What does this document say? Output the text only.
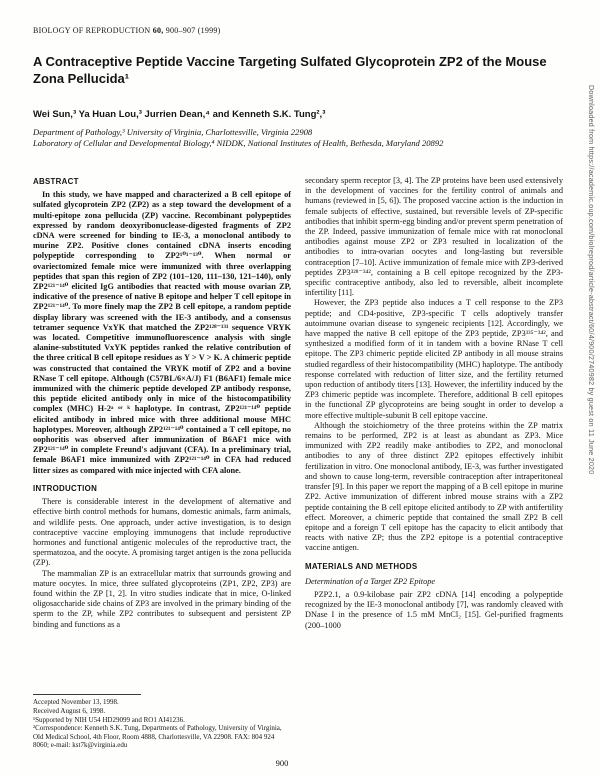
BIOLOGY OF REPRODUCTION 60, 900–907 (1999)
A Contraceptive Peptide Vaccine Targeting Sulfated Glycoprotein ZP2 of the Mouse Zona Pellucida¹
Wei Sun,³ Ya Huan Lou,³ Jurrien Dean,⁴ and Kenneth S.K. Tung²,³
Department of Pathology,³ University of Virginia, Charlottesville, Virginia 22908
Laboratory of Cellular and Developmental Biology,⁴ NIDDK, National Institutes of Health, Bethesda, Maryland 20892
ABSTRACT

In this study, we have mapped and characterized a B cell epitope of sulfated glycoprotein ZP2 (ZP2) as a step toward the development of a multi-epitope zona pellucida (ZP) vaccine. Recombinant polypeptides expressed by random deoxyribonuclease-digested fragments of ZP2 cDNA were screened for binding to IE-3, a monoclonal antibody to murine ZP2. Positive clones contained cDNA inserts encoding polypeptide corresponding to ZP2¹⁰¹⁻¹³⁰. When normal or ovariectomized female mice were immunized with three overlapping peptides that span this region of ZP2 (101–120, 111–130, 121–140), only ZP2¹²¹⁻¹⁴⁰ elicited IgG antibodies that reacted with mouse ovarian ZP, indicative of the presence of native B epitope and helper T cell epitope in ZP2¹²¹⁻¹⁴⁰. To more finely map the ZP2 B cell epitope, a random peptide display library was screened with the IE-3 antibody, and a consensus tetramer sequence VxYK that matched the ZP2¹²⁸⁻¹³¹ sequence VRYK was located. Competitive immunofluorescence analysis with single alanine-substituted VxYK peptides ranked the relative contribution of the three critical B cell epitope residues as Y > V > K. A chimeric peptide was constructed that contained the VRYK motif of ZP2 and a bovine RNase T cell epitope. Although (C57BL/6×A/J) F1 (B6AF1) female mice immunized with the chimeric peptide developed ZP antibody response, this peptide elicited antibody only in mice of the histocompatibility complex (MHC) H-2ᵃ ᵒʳ ᵏ haplotype. In contrast, ZP2¹²¹⁻¹⁴⁰ peptide elicited antibody in inbred mice with three additional mouse MHC haplotypes. Moreover, although ZP2¹²¹⁻¹⁴⁰ contained a T cell epitope, no oophoritis was observed after immunization of B6AF1 mice with ZP2¹²¹⁻¹⁴⁰ in complete Freund's adjuvant (CFA). In a preliminary trial, female B6AF1 mice immunized with ZP2¹²¹⁻¹⁴⁰ in CFA had reduced litter sizes as compared with mice injected with CFA alone.

INTRODUCTION

There is considerable interest in the development of alternative and effective birth control methods for humans, domestic animals, farm animals, and wildlife pests. One approach, under active investigation, is to design contraceptive vaccine employing immunogens that include reproductive hormones and functional antigenic molecules of the reproductive tract, the spermatozoa, and the oocyte. A promising target antigen is the zona pellucida (ZP).

The mammalian ZP is an extracellular matrix that surrounds growing and mature oocytes. In mice, three sulfated glycoproteins (ZP1, ZP2, ZP3) are found within the ZP [1, 2]. In vitro studies indicate that in mice, O-linked oligosaccharide side chains of ZP3 are involved in the primary binding of the sperm to the ZP, while ZP2 contributes to subsequent and persistent ZP binding and functions as a

Accepted November 13, 1998.
Received August 6, 1998.
¹Supported by NIH U54 HD29099 and RO1 AI41236.
²Correspondence: Kenneth S.K. Tung, Departments of Pathology, University of Virginia, Old Medical School, 4th Floor, Room 4888, Charlottesville, VA 22908. FAX: 804 924 8060; e-mail: kst7k@virginia.edu

secondary sperm receptor [3, 4]. The ZP proteins have been used extensively in the development of vaccines for the fertility control of animals and humans (reviewed in [5, 6]). The proposed vaccine action is the induction in female subjects of effective, sustained, but reversible levels of ZP-specific antibodies that inhibit sperm-egg binding and/or prevent sperm penetration of the ZP. Indeed, passive immunization of female mice with rat monoclonal antibodies against mouse ZP2 or ZP3 resulted in localization of the antibodies to intra-ovarian oocytes and long-lasting but reversible contraception [7–10]. Active immunization of female mice with ZP3-derived peptides ZP3³²⁸⁻³⁴², containing a B cell epitope recognized by the ZP3-specific contraceptive antibody, also led to reversible, albeit incomplete infertility [11].

However, the ZP3 peptide also induces a T cell response to the ZP3 peptide; and CD4-positive, ZP3-specific T cells adoptively transfer autoimmune ovarian disease to syngeneic recipients [12]. Accordingly, we have mapped the native B cell epitope of the ZP3 peptide, ZP3³³⁵⁻³⁴², and synthesized a modified form of it in tandem with a bovine RNase T cell epitope. The ZP3 chimeric peptide elicited ZP antibody in all mouse strains studied regardless of their histocompatibility (MHC) haplotype. The antibody response correlated with reduction of litter size, and the fertility returned upon reduction of antibody titers [13]. However, the infertility induced by the ZP3 chimeric peptide was incomplete. Therefore, additional B cell epitopes in the functional ZP glycoproteins are being sought in order to develop a more effective multiple-subunit B cell epitope vaccine.

Although the stoichiometry of the three proteins within the ZP matrix remains to be performed, ZP2 is at least as abundant as ZP3. Mice immunized with ZP2 readily make antibodies to ZP2, and monoclonal antibodies to any of three distinct ZP2 epitopes effectively inhibit fertilization in vitro. One monoclonal antibody, IE-3, was further investigated and shown to cause long-term, reversible contraception after intraperitoneal transfer [9]. In this paper we report the mapping of a B cell epitope in murine ZP2. Active immunization of different inbred mouse strains with a ZP2 peptide containing the B cell epitope elicited antibody to ZP with antifertility effect. Moreover, a chimeric peptide that contained the small ZP2 B cell epitope and a foreign T cell epitope has the capacity to elicit antibody that reacts with native ZP; thus the ZP2 epitope is a potential contraceptive vaccine antigen.

MATERIALS AND METHODS
Determination of a Target ZP2 Epitope

PZP2.1, a 0.9-kilobase pair ZP2 cDNA [14] encoding a polypeptide recognized by the IE-3 monoclonal antibody [7], was randomly cleaved with DNase I in the presence of 1.5 mM MnCl₂ [15]. Gel-purified fragments (200–1000

900
Downloaded from https://academic.oup.com/biolreprod/article-abstract/60/4/900/2740982 by guest on 11 June 2020
